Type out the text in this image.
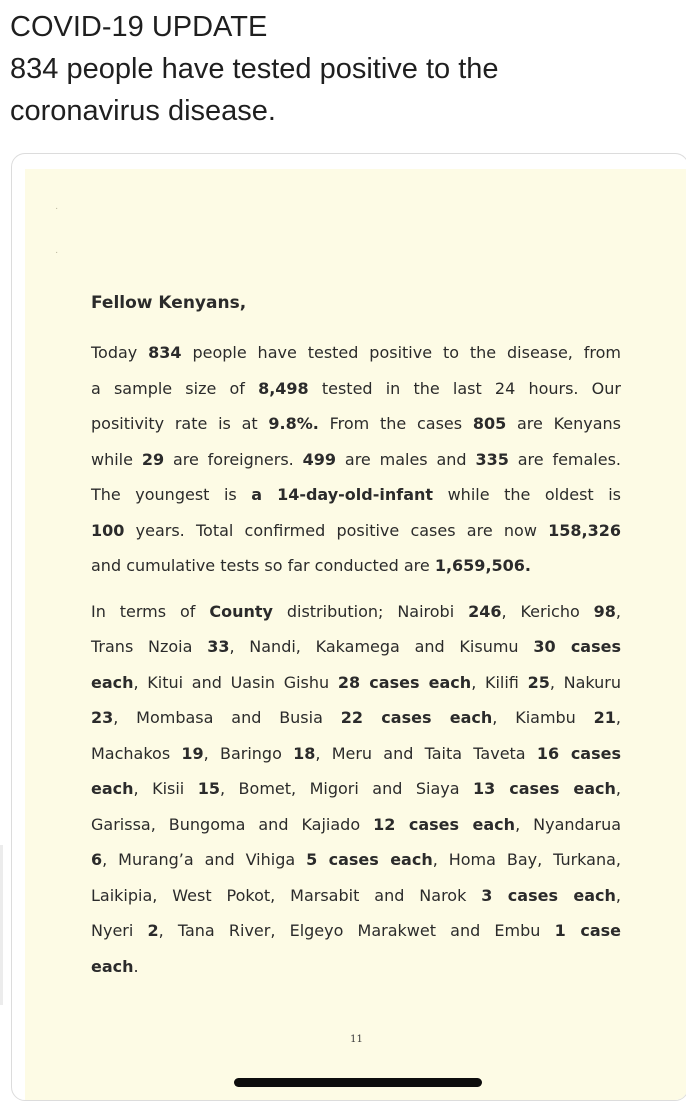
COVID-19 UPDATE
834 people have tested positive to the
coronavirus disease.
·
·
Fellow Kenyans,
Today 834 people have tested positive to the disease, from
a sample size of 8,498 tested in the last 24 hours. Our
positivity rate is at 9.8%. From the cases 805 are Kenyans
while 29 are foreigners. 499 are males and 335 are females.
The youngest is a 14-day-old-infant while the oldest is
100 years. Total confirmed positive cases are now 158,326
and cumulative tests so far conducted are 1,659,506.
In terms of County distribution; Nairobi 246, Kericho 98,
Trans Nzoia 33, Nandi, Kakamega and Kisumu 30 cases
each, Kitui and Uasin Gishu 28 cases each, Kilifi 25, Nakuru
23, Mombasa and Busia 22 cases each, Kiambu 21,
Machakos 19, Baringo 18, Meru and Taita Taveta 16 cases
each, Kisii 15, Bomet, Migori and Siaya 13 cases each,
Garissa, Bungoma and Kajiado 12 cases each, Nyandarua
6, Murang’a and Vihiga 5 cases each, Homa Bay, Turkana,
Laikipia, West Pokot, Marsabit and Narok 3 cases each,
Nyeri 2, Tana River, Elgeyo Marakwet and Embu 1 case
each.
11
